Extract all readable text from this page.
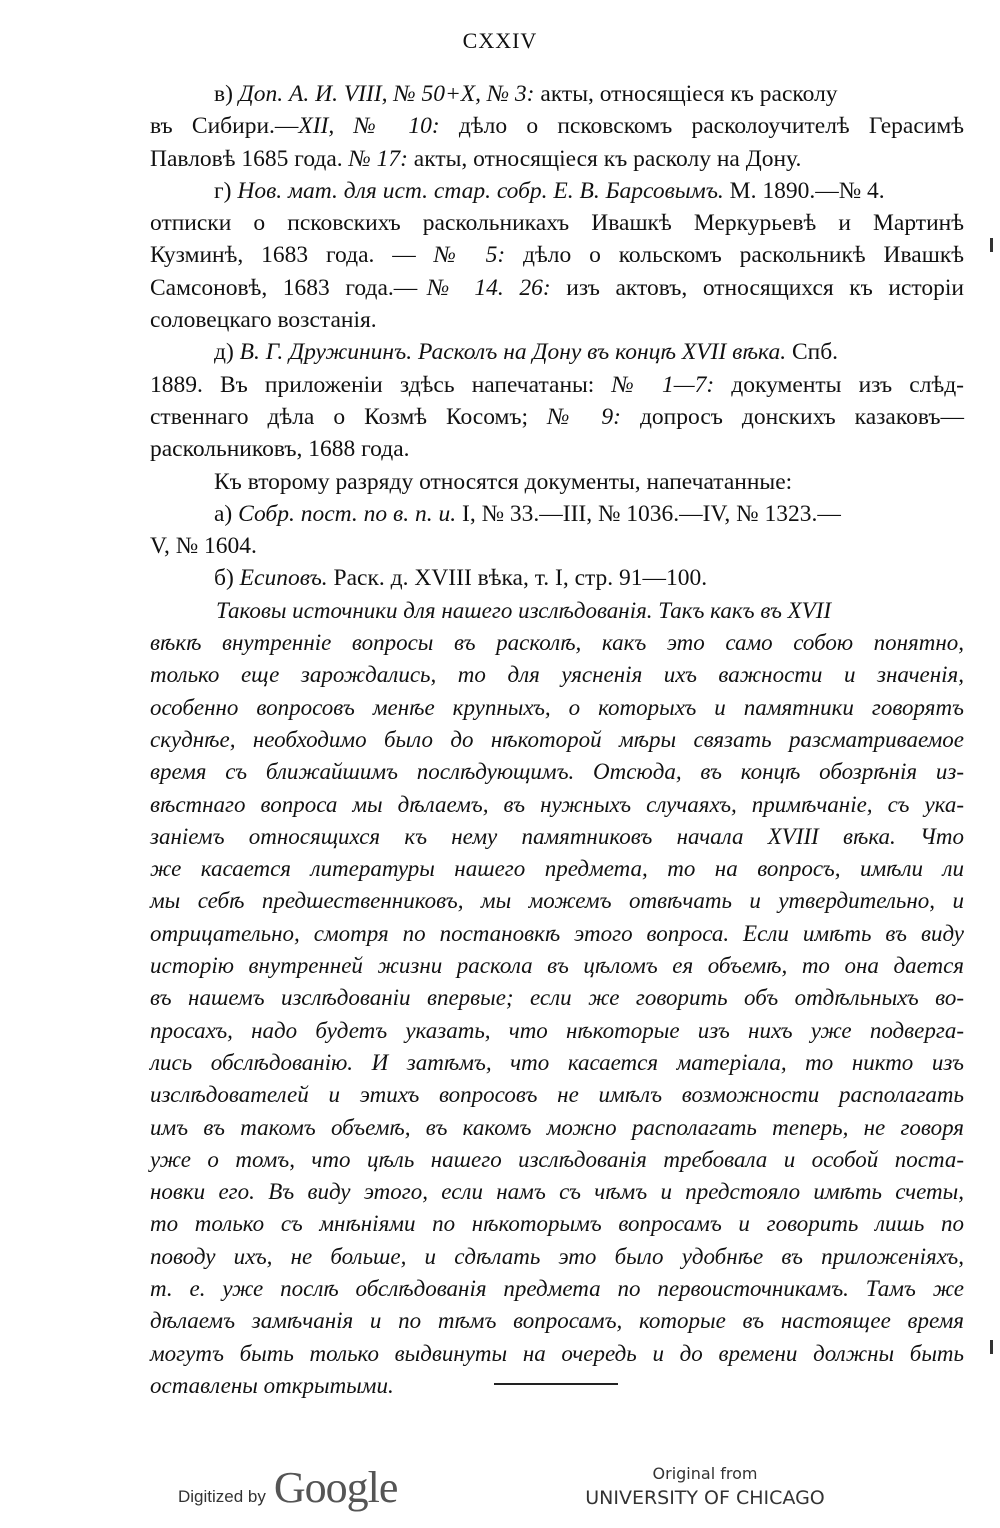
CXXIV
в) Доп. А. И. VIII, № 50+X, № 3: акты, относящіеся къ расколу
въ Сибири.—XII, № 10: дѣло о псковскомъ расколоучителѣ Герасимѣ
Павловѣ 1685 года. № 17: акты, относящіеся къ расколу на Дону.
г) Нов. мат. для ист. стар. собр. Е. В. Барсовымъ. М. 1890.—№ 4.
отписки о псковскихъ раскольникахъ Ивашкѣ Меркурьевѣ и Мартинѣ
Кузминѣ, 1683 года. — № 5: дѣло о кольскомъ раскольникѣ Ивашкѣ
Самсоновѣ, 1683 года.—№ 14. 26: изъ актовъ, относящихся къ исторіи
соловецкаго возстанія.
д) В. Г. Дружининъ. Расколъ на Дону въ концѣ XVII вѣка. Спб.
1889. Въ приложеніи здѣсь напечатаны: № 1—7: документы изъ слѣд-
ственнаго дѣла о Козмѣ Косомъ; № 9: допросъ донскихъ казаковъ—
раскольниковъ, 1688 года.
Къ второму разряду относятся документы, напечатанные:
а) Собр. пост. по в. п. и. I, № 33.—III, № 1036.—IV, № 1323.—
V, № 1604.
б) Есиповъ. Раск. д. XVIII вѣка, т. I, стр. 91—100.
Таковы источники для нашего изслѣдованія. Такъ какъ въ XVII
вѣкѣ внутренніе вопросы въ расколѣ, какъ это само собою понятно,
только еще зарождались, то для уясненія ихъ важности и значенія,
особенно вопросовъ менѣе крупныхъ, о которыхъ и памятники говорятъ
скуднѣе, необходимо было до нѣкоторой мѣры связать разсматриваемое
время съ ближайшимъ послѣдующимъ. Отсюда, въ концѣ обозрѣнія из-
вѣстнаго вопроса мы дѣлаемъ, въ нужныхъ случаяхъ, примѣчаніе, съ ука-
заніемъ относящихся къ нему памятниковъ начала XVIII вѣка. Что
же касается литературы нашего предмета, то на вопросъ, имѣли ли
мы себѣ предшественниковъ, мы можемъ отвѣчать и утвердительно, и
отрицательно, смотря по постановкѣ этого вопроса. Если имѣть въ виду
исторію внутренней жизни раскола въ цѣломъ ея объемѣ, то она дается
въ нашемъ изслѣдованіи впервые; если же говорить объ отдѣльныхъ во-
просахъ, надо будетъ указать, что нѣкоторые изъ нихъ уже подверга-
лись обслѣдованію. И затѣмъ, что касается матеріала, то никто изъ
изслѣдователей и этихъ вопросовъ не имѣлъ возможности располагать
имъ въ такомъ объемѣ, въ какомъ можно располагать теперь, не говоря
уже о томъ, что цѣль нашего изслѣдованія требовала и особой поста-
новки его. Въ виду этого, если намъ съ чѣмъ и предстояло имѣть счеты,
то только съ мнѣніями по нѣкоторымъ вопросамъ и говорить лишь по
поводу ихъ, не больше, и сдѣлать это было удобнѣе въ приложеніяхъ,
т. е. уже послѣ обслѣдованія предмета по первоисточникамъ. Тамъ же
дѣлаемъ замѣчанія и по тѣмъ вопросамъ, которые въ настоящее время
могутъ быть только выдвинуты на очередь и до времени должны быть
оставлены открытыми.
Digitized by Google	Original from
UNIVERSITY OF CHICAGO
